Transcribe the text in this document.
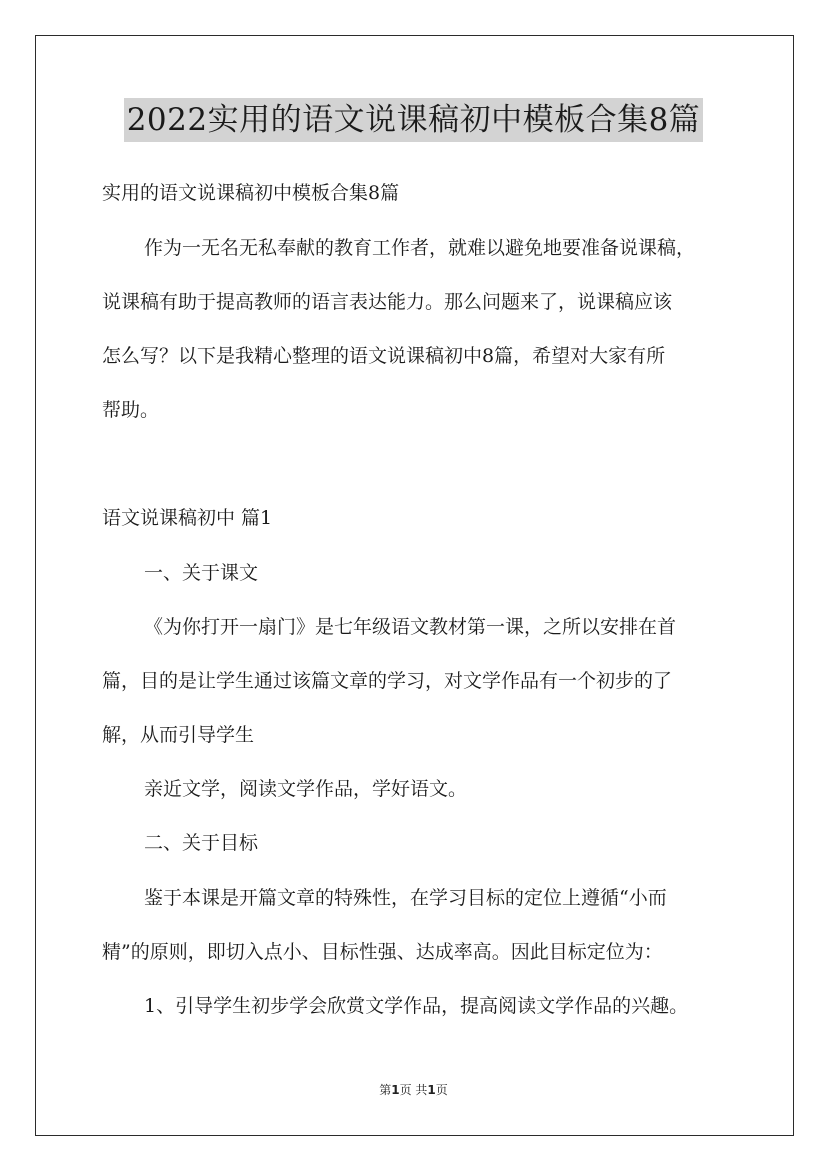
2022实用的语文说课稿初中模板合集8篇
实用的语文说课稿初中模板合集8篇
作为一无名无私奉献的教育工作者，就难以避免地要准备说课稿，
说课稿有助于提高教师的语言表达能力。那么问题来了，说课稿应该
怎么写？以下是我精心整理的语文说课稿初中8篇，希望对大家有所
帮助。
语文说课稿初中 篇1
一、关于课文
《为你打开一扇门》是七年级语文教材第一课，之所以安排在首
篇，目的是让学生通过该篇文章的学习，对文学作品有一个初步的了
解，从而引导学生
亲近文学，阅读文学作品，学好语文。
二、关于目标
鉴于本课是开篇文章的特殊性，在学习目标的定位上遵循“小而
精”的原则，即切入点小、目标性强、达成率高。因此目标定位为：
1、引导学生初步学会欣赏文学作品，提高阅读文学作品的兴趣。
第1页 共1页
